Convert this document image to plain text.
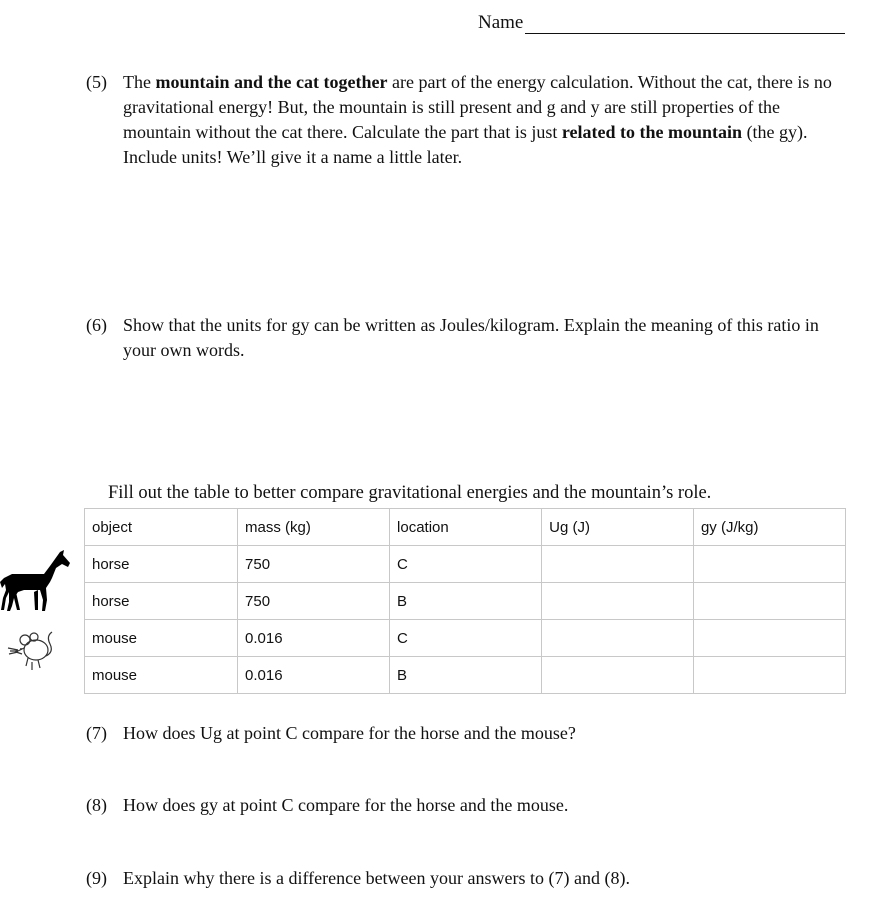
Name
(5) The mountain and the cat together are part of the energy calculation. Without the cat, there is no gravitational energy! But, the mountain is still present and g and y are still properties of the mountain without the cat there. Calculate the part that is just related to the mountain (the gy). Include units! We’ll give it a name a little later.
(6) Show that the units for gy can be written as Joules/kilogram. Explain the meaning of this ratio in your own words.
Fill out the table to better compare gravitational energies and the mountain’s role.
object	mass (kg)	location	Ug (J)	gy (J/kg)
horse	750	C		
horse	750	B		
mouse	0.016	C		
mouse	0.016	B		
(7) How does Ug at point C compare for the horse and the mouse?
(8) How does gy at point C compare for the horse and the mouse.
(9) Explain why there is a difference between your answers to (7) and (8).
